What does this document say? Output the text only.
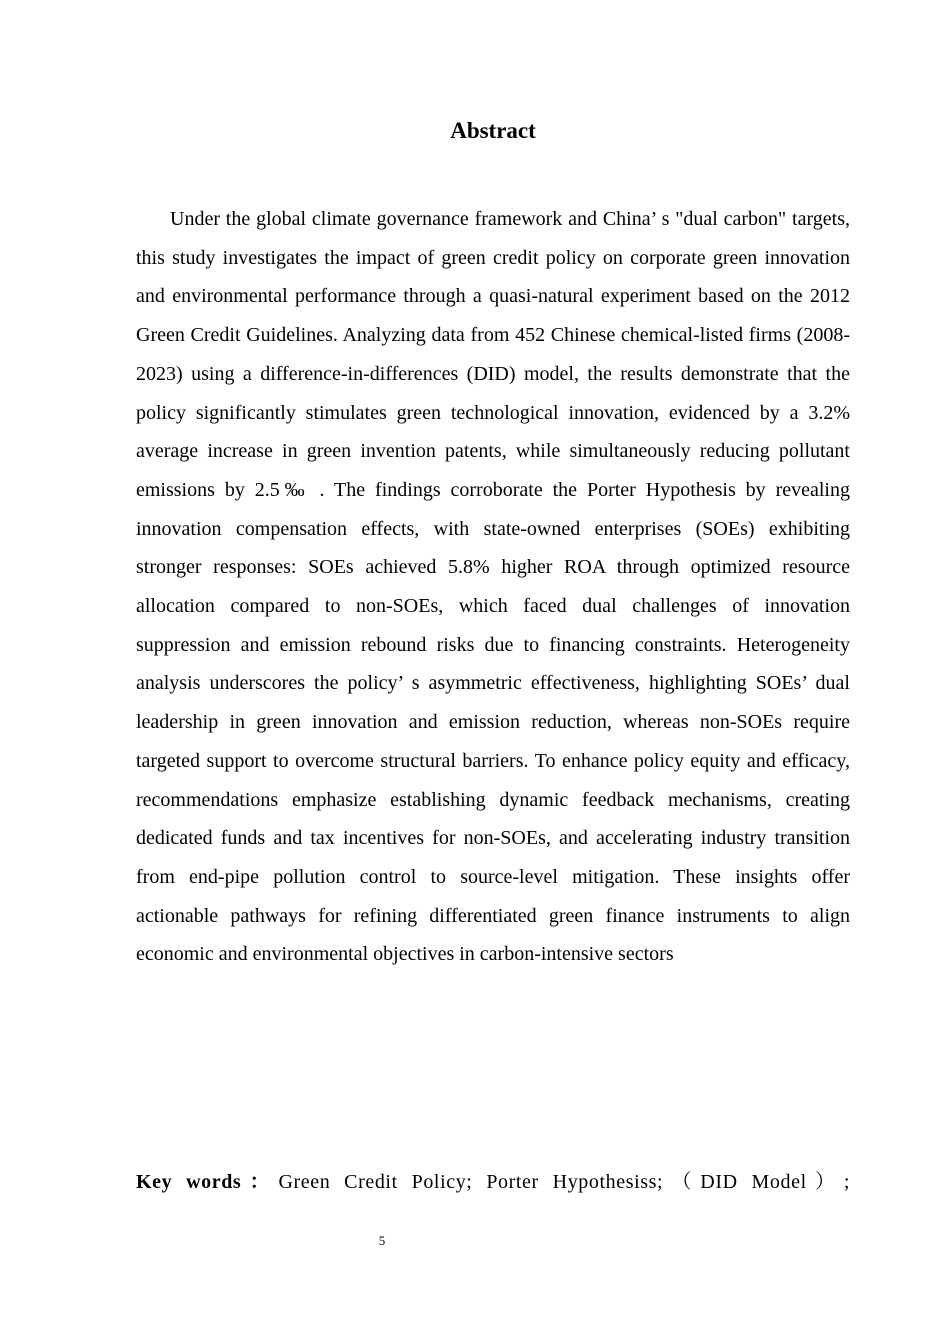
Abstract

Under the global climate governance framework and China’ s "dual carbon" targets, this study investigates the impact of green credit policy on corporate green innovation and environmental performance through a quasi-natural experiment based on the 2012 Green Credit Guidelines. Analyzing data from 452 Chinese chemical-listed firms (2008-2023) using a difference-in-differences (DID) model, the results demonstrate that the policy significantly stimulates green technological innovation, evidenced by a 3.2% average increase in green invention patents, while simultaneously reducing pollutant emissions by 2.5‰ . The findings corroborate the Porter Hypothesis by revealing innovation compensation effects, with state-owned enterprises (SOEs) exhibiting stronger responses: SOEs achieved 5.8% higher ROA through optimized resource allocation compared to non-SOEs, which faced dual challenges of innovation suppression and emission rebound risks due to financing constraints. Heterogeneity analysis underscores the policy’ s asymmetric effectiveness, highlighting SOEs’ dual leadership in green innovation and emission reduction, whereas non-SOEs require targeted support to overcome structural barriers. To enhance policy equity and efficacy, recommendations emphasize establishing dynamic feedback mechanisms, creating dedicated funds and tax incentives for non-SOEs, and accelerating industry transition from end-pipe pollution control to source-level mitigation. These insights offer actionable pathways for refining differentiated green finance instruments to align economic and environmental objectives in carbon-intensive sectors

Key words：Green Credit Policy; Porter Hypothesiss;（DID Model）;

5
